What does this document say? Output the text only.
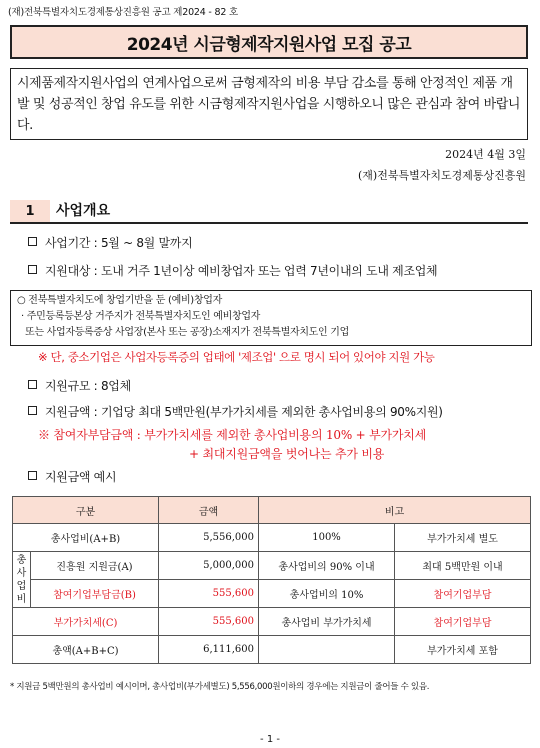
(재)전북특별자치도경제통상진흥원 공고 제2024 - 82 호
2024년 시금형제작지원사업 모집 공고
시제품제작지원사업의 연계사업으로써 금형제작의 비용 부담 감소를 통해 안정적인 제품 개발 및 성공적인 창업 유도를 위한 시금형제작지원사업을 시행하오니 많은 관심과 참여 바랍니다.
2024년 4월 3일
(재)전북특별자치도경제통상진흥원
1	사업개요
사업기간 : 5월 ~ 8월 말까지
지원대상 : 도내 거주 1년이상 예비창업자 또는 업력 7년이내의 도내 제조업체
○ 전북특별자치도에 창업기반을 둔 (예비)창업자
· 주민등록등본상 거주지가 전북특별자치도인 예비창업자
또는 사업자등록증상 사업장(본사 또는 공장)소재지가 전북특별자치도인 기업
※ 단, 중소기업은 사업자등록증의 업태에 '제조업' 으로 명시 되어 있어야 지원 가능
지원규모 : 8업체
지원금액 : 기업당 최대 5백만원(부가가치세를 제외한 총사업비용의 90%지원)
※ 참여자부담금액 : 부가가치세를 제외한 총사업비용의 10% + 부가가치세
+ 최대지원금액을 벗어나는 추가 비용
지원금액 예시
구분		금액	비고	
총사업비(A+B)		5,556,000	100%	부가가치세 별도
총
사
업
비	진흥원 지원금(A)	5,000,000	총사업비의 90% 이내	최대 5백만원 이내
	참여기업부담금(B)	555,600	총사업비의 10%	참여기업부담
부가가치세(C)		555,600	총사업비 부가가치세	참여기업부담
총액(A+B+C)		6,111,600		부가가치세 포함
* 지원금 5백만원의 총사업비 예시이며, 총사업비(부가세별도) 5,556,000원이하의 경우에는 지원금이 줄어들 수 있음.
- 1 -
